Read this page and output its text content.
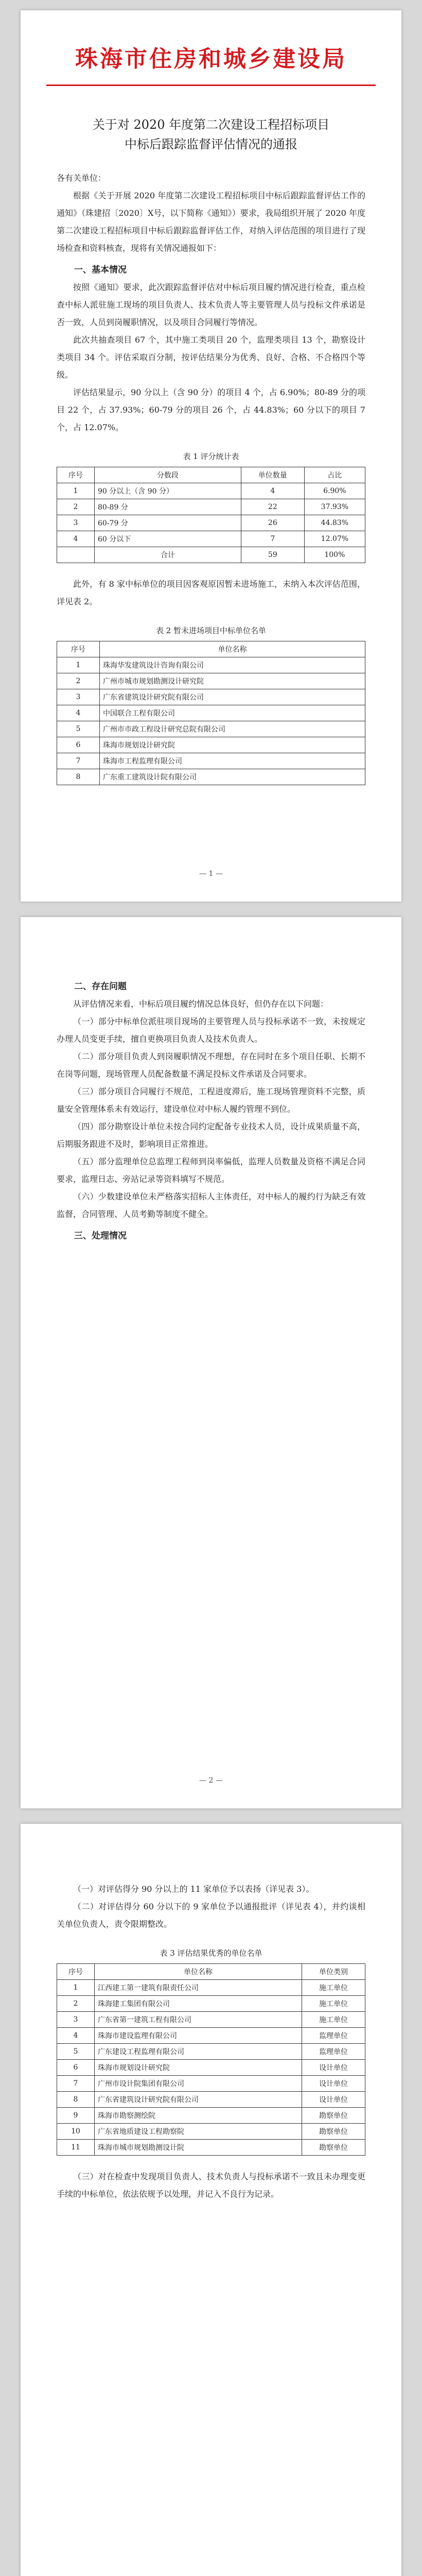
珠海市住房和城乡建设局
关于对 2020 年度第二次建设工程招标项目
中标后跟踪监督评估情况的通报

各有关单位：

根据《关于开展 2020 年度第二次建设工程招标项目中标后跟踪监督评估工作的通知》（珠建招〔2020〕X号，以下简称《通知》）要求，我局组织开展了 2020 年度第二次建设工程招标项目中标后跟踪监督评估工作，对纳入评估范围的项目进行了现场检查和资料核查，现将有关情况通报如下：

一、基本情况

按照《通知》要求，此次跟踪监督评估对中标后项目履约情况进行检查，重点检查中标人派驻施工现场的项目负责人、技术负责人等主要管理人员与投标文件承诺是否一致，人员到岗履职情况，以及项目合同履行等情况。

此次共抽查项目 67 个，其中施工类项目 20 个，监理类项目 13 个，勘察设计类项目 34 个。评估采取百分制，按评估结果分为优秀、良好、合格、不合格四个等级。

评估结果显示，90 分以上（含 90 分）的项目 4 个，占 6.90%；80-89 分的项目 22 个，占 37.93%；60-79 分的项目 26 个，占 44.83%；60 分以下的项目 7 个，占 12.07%。

表 1 评分统计表
序号	分数段	单位数量	占比
1	90 分以上（含 90 分）	4	6.90%
2	80-89 分	22	37.93%
3	60-79 分	26	44.83%
4	60 分以下	7	12.07%
	合计	59	100%

此外，有 8 家中标单位的项目因客观原因暂未进场施工，未纳入本次评估范围，详见表 2。

表 2 暂未进场项目中标单位名单
序号	单位名称
1	珠海华发建筑设计咨询有限公司
2	广州市城市规划勘测设计研究院
3	广东省建筑设计研究院有限公司
4	中国联合工程有限公司
5	广州市市政工程设计研究总院有限公司
6	珠海市规划设计研究院
7	珠海市工程监理有限公司
8	广东重工建筑设计院有限公司
— 1 —

二、存在问题

从评估情况来看，中标后项目履约情况总体良好，但仍存在以下问题：

（一）部分中标单位派驻项目现场的主要管理人员与投标承诺不一致，未按规定办理人员变更手续，擅自更换项目负责人及技术负责人。

（二）部分项目负责人到岗履职情况不理想，存在同时在多个项目任职、长期不在岗等问题，现场管理人员配备数量不满足投标文件承诺及合同要求。

（三）部分项目合同履行不规范，工程进度滞后，施工现场管理资料不完整，质量安全管理体系未有效运行，建设单位对中标人履约管理不到位。

（四）部分勘察设计单位未按合同约定配备专业技术人员，设计成果质量不高，后期服务跟进不及时，影响项目正常推进。

（五）部分监理单位总监理工程师到岗率偏低，监理人员数量及资格不满足合同要求，监理日志、旁站记录等资料填写不规范。

（六）少数建设单位未严格落实招标人主体责任，对中标人的履约行为缺乏有效监督，合同管理、人员考勤等制度不健全。

三、处理情况

— 2 —

（一）对评估得分 90 分以上的 11 家单位予以表扬（详见表 3）。

（二）对评估得分 60 分以下的 9 家单位予以通报批评（详见表 4），并约谈相关单位负责人，责令限期整改。

表 3 评估结果优秀的单位名单
序号	单位名称	单位类别
1	江西建工第一建筑有限责任公司	施工单位
2	珠海建工集团有限公司	施工单位
3	广东省第一建筑工程有限公司	施工单位
4	珠海市建设监理有限公司	监理单位
5	广东建设工程监理有限公司	监理单位
6	珠海市规划设计研究院	设计单位
7	广州市设计院集团有限公司	设计单位
8	广东省建筑设计研究院有限公司	设计单位
9	珠海市勘察测绘院	勘察单位
10	广东省地质建设工程勘察院	勘察单位
11	珠海市城市规划勘测设计院	勘察单位

（三）对在检查中发现项目负责人、技术负责人与投标承诺不一致且未办理变更手续的中标单位，依法依规予以处理，并记入不良行为记录。
